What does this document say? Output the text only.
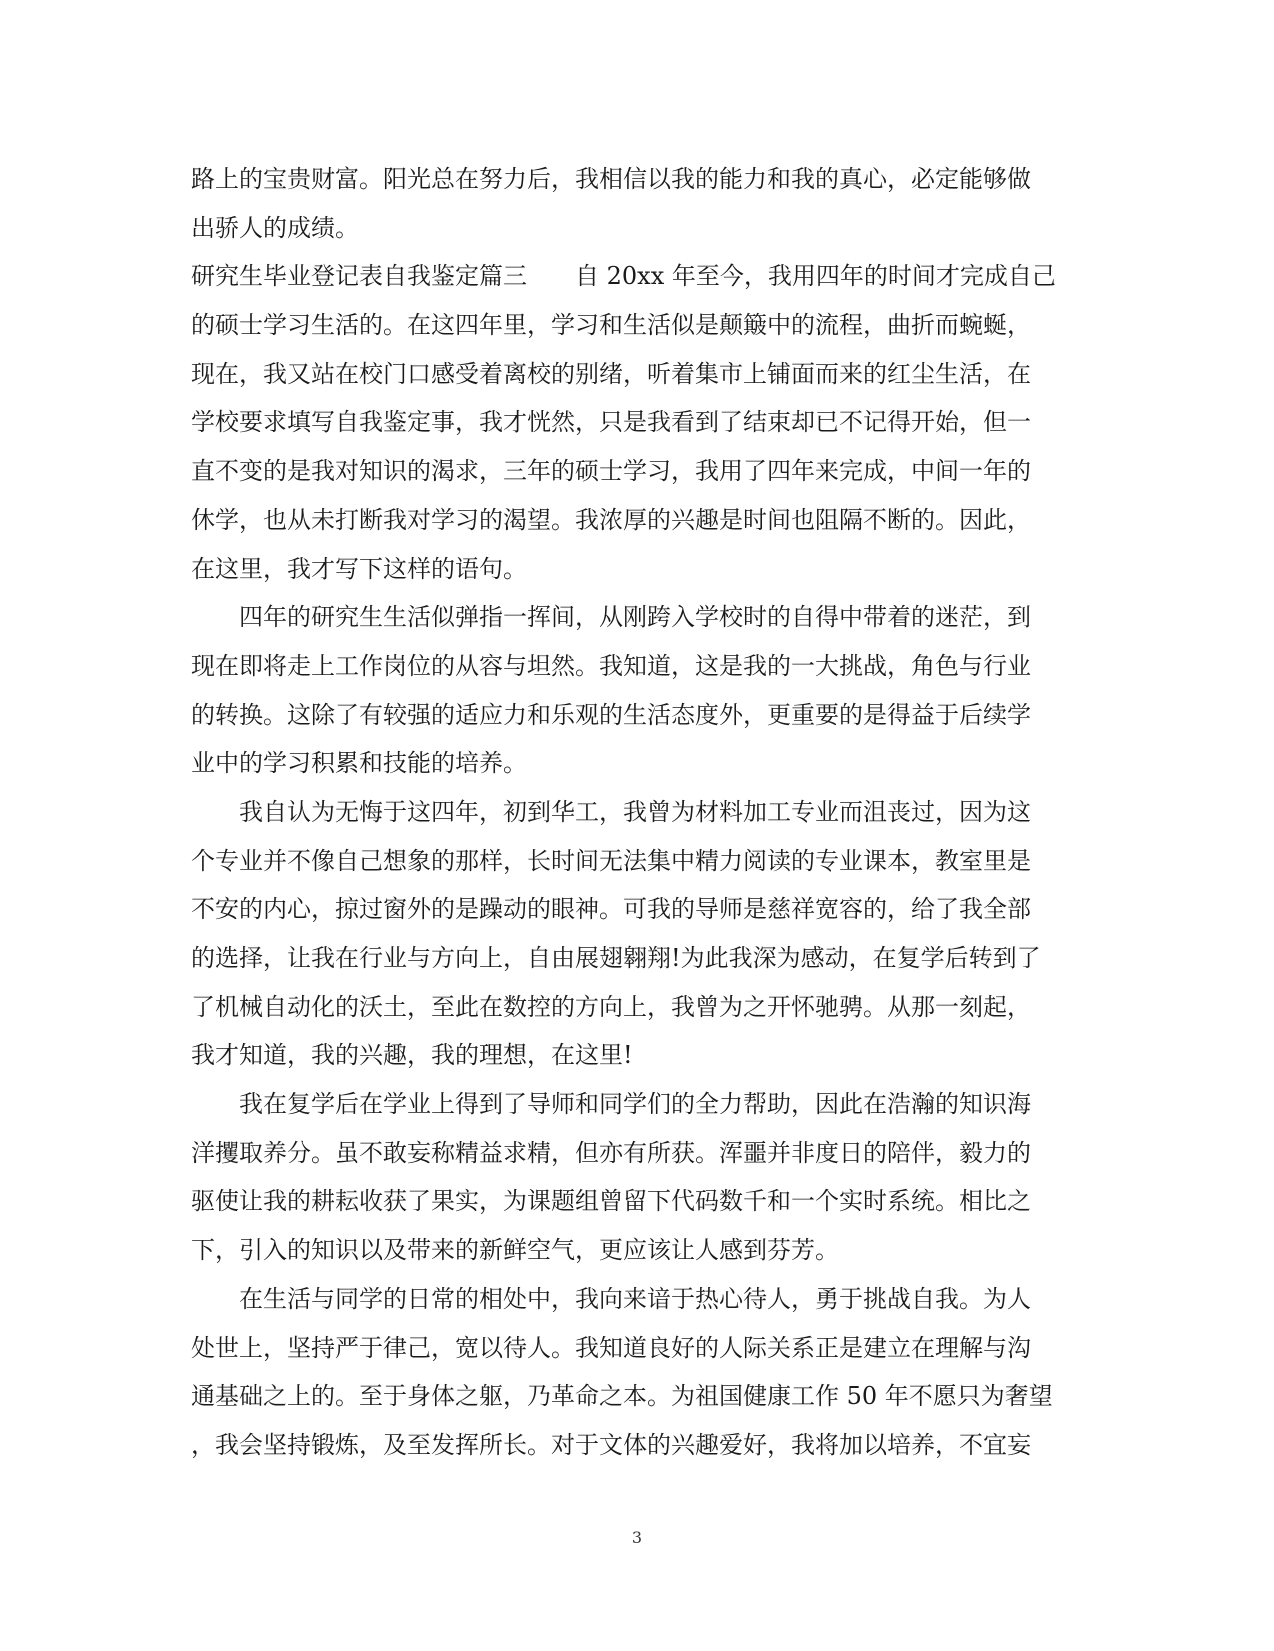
路上的宝贵财富。阳光总在努力后，我相信以我的能力和我的真心，必定能够做
出骄人的成绩。
研究生毕业登记表自我鉴定篇三　　自 20xx 年至今，我用四年的时间才完成自己
的硕士学习生活的。在这四年里，学习和生活似是颠簸中的流程，曲折而蜿蜒，
现在，我又站在校门口感受着离校的别绪，听着集市上铺面而来的红尘生活，在
学校要求填写自我鉴定事，我才恍然，只是我看到了结束却已不记得开始，但一
直不变的是我对知识的渴求，三年的硕士学习，我用了四年来完成，中间一年的
休学，也从未打断我对学习的渴望。我浓厚的兴趣是时间也阻隔不断的。因此，
在这里，我才写下这样的语句。
四年的研究生生活似弹指一挥间，从刚跨入学校时的自得中带着的迷茫，到
现在即将走上工作岗位的从容与坦然。我知道，这是我的一大挑战，角色与行业
的转换。这除了有较强的适应力和乐观的生活态度外，更重要的是得益于后续学
业中的学习积累和技能的培养。
我自认为无悔于这四年，初到华工，我曾为材料加工专业而沮丧过，因为这
个专业并不像自己想象的那样，长时间无法集中精力阅读的专业课本，教室里是
不安的内心，掠过窗外的是躁动的眼神。可我的导师是慈祥宽容的，给了我全部
的选择，让我在行业与方向上，自由展翅翱翔!为此我深为感动，在复学后转到了
了机械自动化的沃土，至此在数控的方向上，我曾为之开怀驰骋。从那一刻起，
我才知道，我的兴趣，我的理想，在这里!
我在复学后在学业上得到了导师和同学们的全力帮助，因此在浩瀚的知识海
洋攫取养分。虽不敢妄称精益求精，但亦有所获。浑噩并非度日的陪伴，毅力的
驱使让我的耕耘收获了果实，为课题组曾留下代码数千和一个实时系统。相比之
下，引入的知识以及带来的新鲜空气，更应该让人感到芬芳。
在生活与同学的日常的相处中，我向来谙于热心待人，勇于挑战自我。为人
处世上，坚持严于律己，宽以待人。我知道良好的人际关系正是建立在理解与沟
通基础之上的。至于身体之躯，乃革命之本。为祖国健康工作 50 年不愿只为奢望
，我会坚持锻炼，及至发挥所长。对于文体的兴趣爱好，我将加以培养，不宜妄
3
